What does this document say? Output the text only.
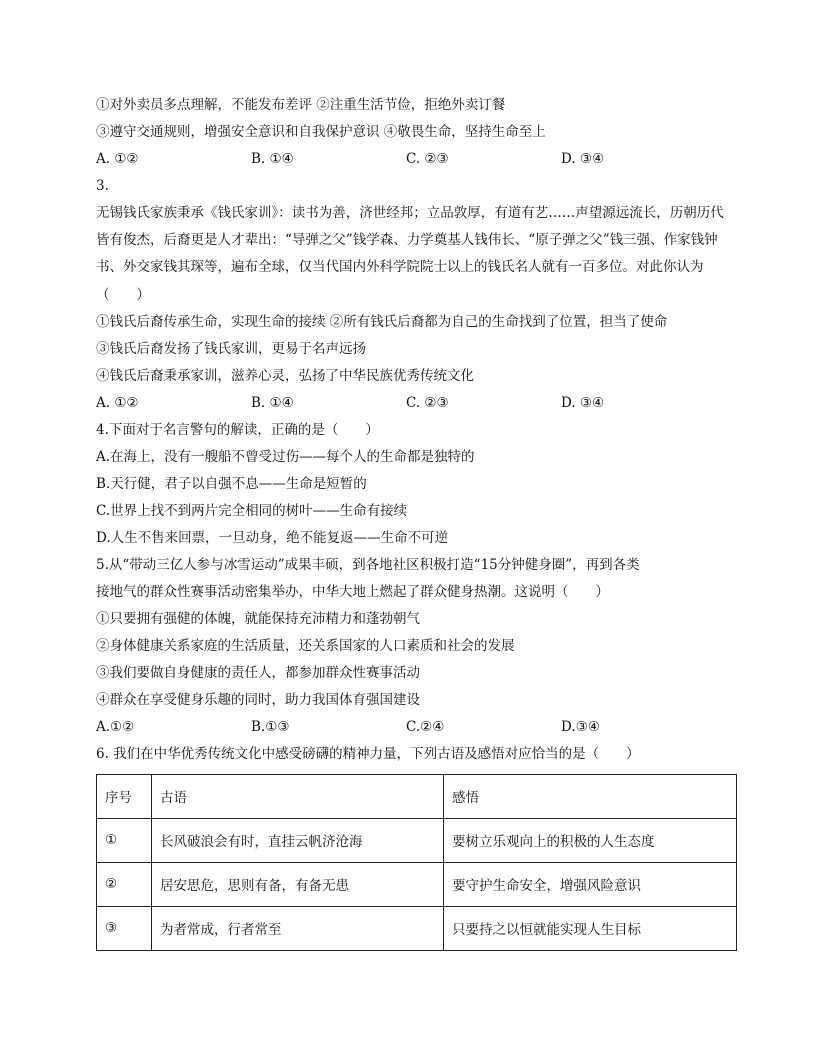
①对外卖员多点理解，不能发布差评 ②注重生活节俭，拒绝外卖订餐
③遵守交通规则，增强安全意识和自我保护意识 ④敬畏生命，坚持生命至上
A. ①②	B. ①④	C. ②③	D. ③④
3.
无锡钱氏家族秉承《钱氏家训》：读书为善，济世经邦；立品敦厚，有道有艺……声望源远流长，历朝历代皆有俊杰，后裔更是人才辈出：“导弹之父”钱学森、力学奠基人钱伟长、“原子弹之父”钱三强、作家钱钟书、外交家钱其琛等，遍布全球，仅当代国内外科学院院士以上的钱氏名人就有一百多位。对此你认为（　　）
①钱氏后裔传承生命，实现生命的接续 ②所有钱氏后裔都为自己的生命找到了位置，担当了使命
③钱氏后裔发扬了钱氏家训，更易于名声远扬
④钱氏后裔秉承家训，滋养心灵，弘扬了中华民族优秀传统文化
A. ①②	B. ①④	C. ②③	D. ③④
4.下面对于名言警句的解读，正确的是（　　）
A.在海上，没有一艘船不曾受过伤——每个人的生命都是独特的
B.天行健，君子以自强不息——生命是短暂的
C.世界上找不到两片完全相同的树叶——生命有接续
D.人生不售来回票，一旦动身，绝不能复返——生命不可逆
5.从“带动三亿人参与冰雪运动”成果丰硕，到各地社区积极打造“15分钟健身圈”，再到各类
接地气的群众性赛事活动密集举办，中华大地上燃起了群众健身热潮。这说明（　　）
①只要拥有强健的体魄，就能保持充沛精力和蓬勃朝气
②身体健康关系家庭的生活质量，还关系国家的人口素质和社会的发展
③我们要做自身健康的责任人，都参加群众性赛事活动
④群众在享受健身乐趣的同时，助力我国体育强国建设
A.①②	B.①③	C.②④	D.③④
6. 我们在中华优秀传统文化中感受磅礴的精神力量，下列古语及感悟对应恰当的是（　　）
序号	古语	感悟
①	长风破浪会有时，直挂云帆济沧海	要树立乐观向上的积极的人生态度
②	居安思危，思则有备，有备无患	要守护生命安全，增强风险意识
③	为者常成，行者常至	只要持之以恒就能实现人生目标
